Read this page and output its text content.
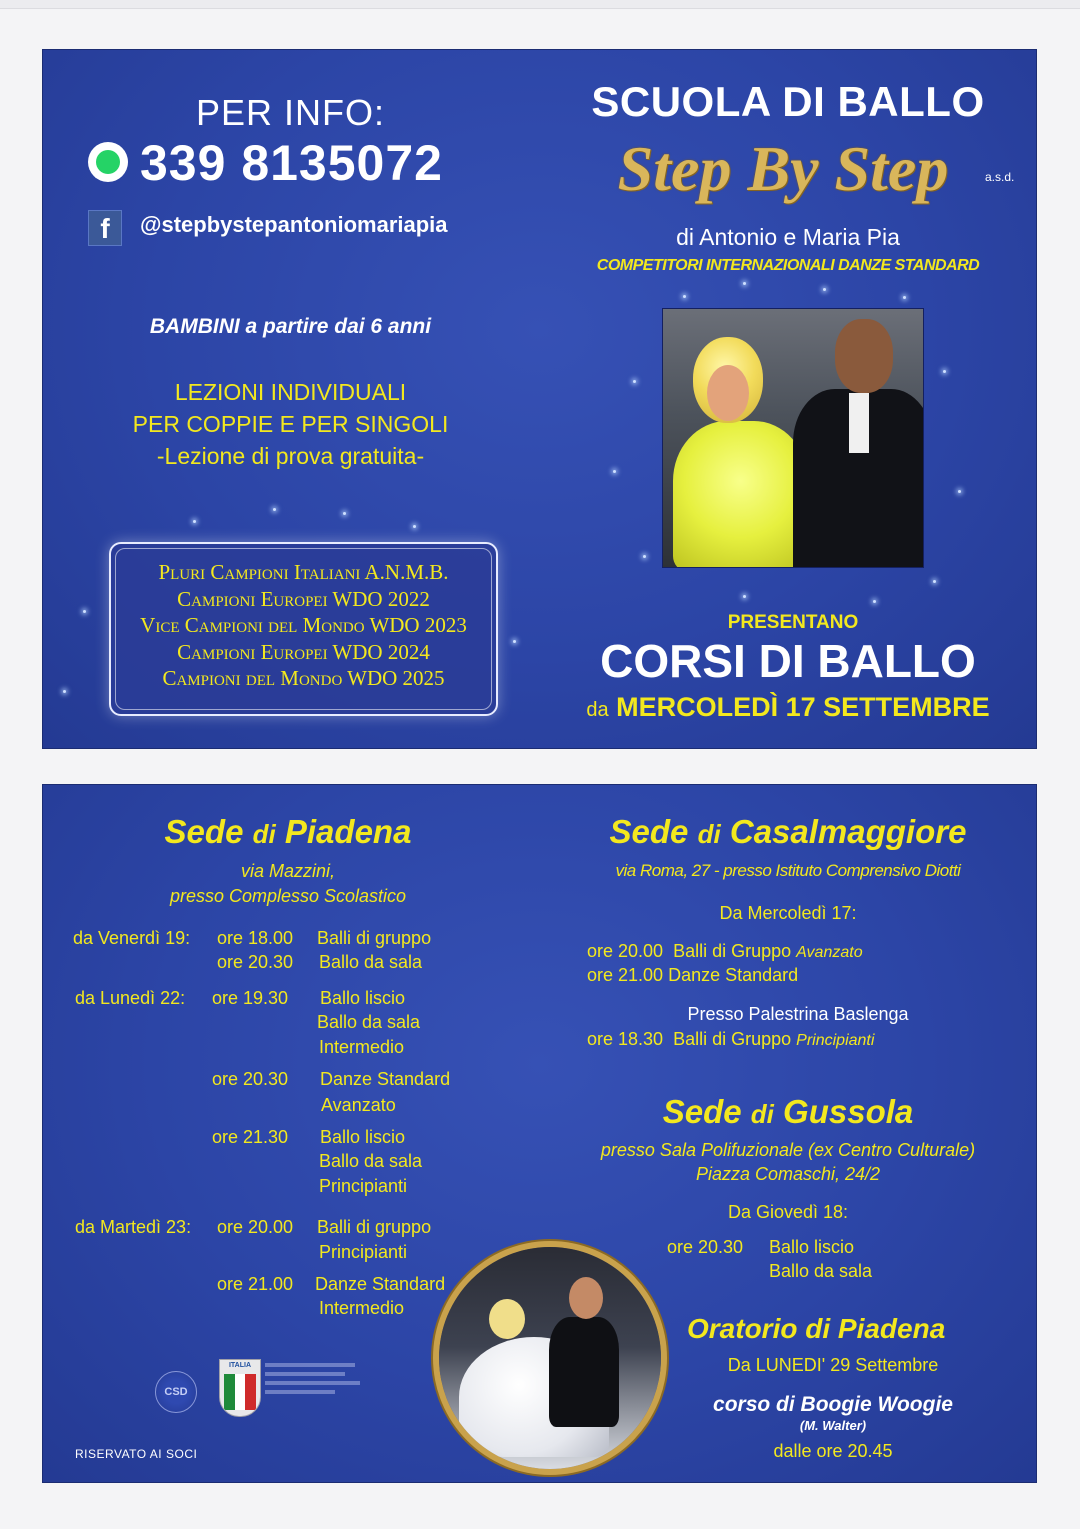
PER INFO:
339 8135072
f	@stepbystepantoniomariapia
BAMBINI a partire dai 6 anni
LEZIONI INDIVIDUALI
PER COPPIE E PER SINGOLI
-Lezione di prova gratuita-
Pluri Campioni Italiani A.N.M.B.
Campioni Europei WDO 2022
Vice Campioni del Mondo WDO 2023
Campioni Europei WDO 2024
Campioni del Mondo WDO 2025
SCUOLA DI BALLO
Step By Step	a.s.d.
di Antonio e Maria Pia
COMPETITORI INTERNAZIONALI DANZE STANDARD
PRESENTANO
CORSI DI BALLO
da MERCOLEDÌ 17 SETTEMBRE
Sede di Piadena
via Mazzini,
presso Complesso Scolastico
da Venerdì 19: ore 18.00 Balli di gruppo
ore 20.30 Ballo da sala
da Lunedì 22: ore 19.30 Ballo liscio
Ballo da sala
Intermedio
ore 20.30 Danze Standard
Avanzato
ore 21.30 Ballo liscio
Ballo da sala
Principianti
da Martedì 23: ore 20.00 Balli di gruppo
Principianti
ore 21.00 Danze Standard
Intermedio
Sede di Casalmaggiore
via Roma, 27 - presso Istituto Comprensivo Diotti
Da Mercoledì 17:
ore 20.00 Balli di Gruppo Avanzato
ore 21.00 Danze Standard
Presso Palestrina Baslenga
ore 18.30 Balli di Gruppo Principianti
Sede di Gussola
presso Sala Polifuzionale (ex Centro Culturale)
Piazza Comaschi, 24/2
Da Giovedì 18:
ore 20.30 Ballo liscio
Ballo da sala
Oratorio di Piadena
Da LUNEDI' 29 Settembre
corso di Boogie Woogie
(M. Walter)
dalle ore 20.45
CSD
ITALIA
RISERVATO AI SOCI
